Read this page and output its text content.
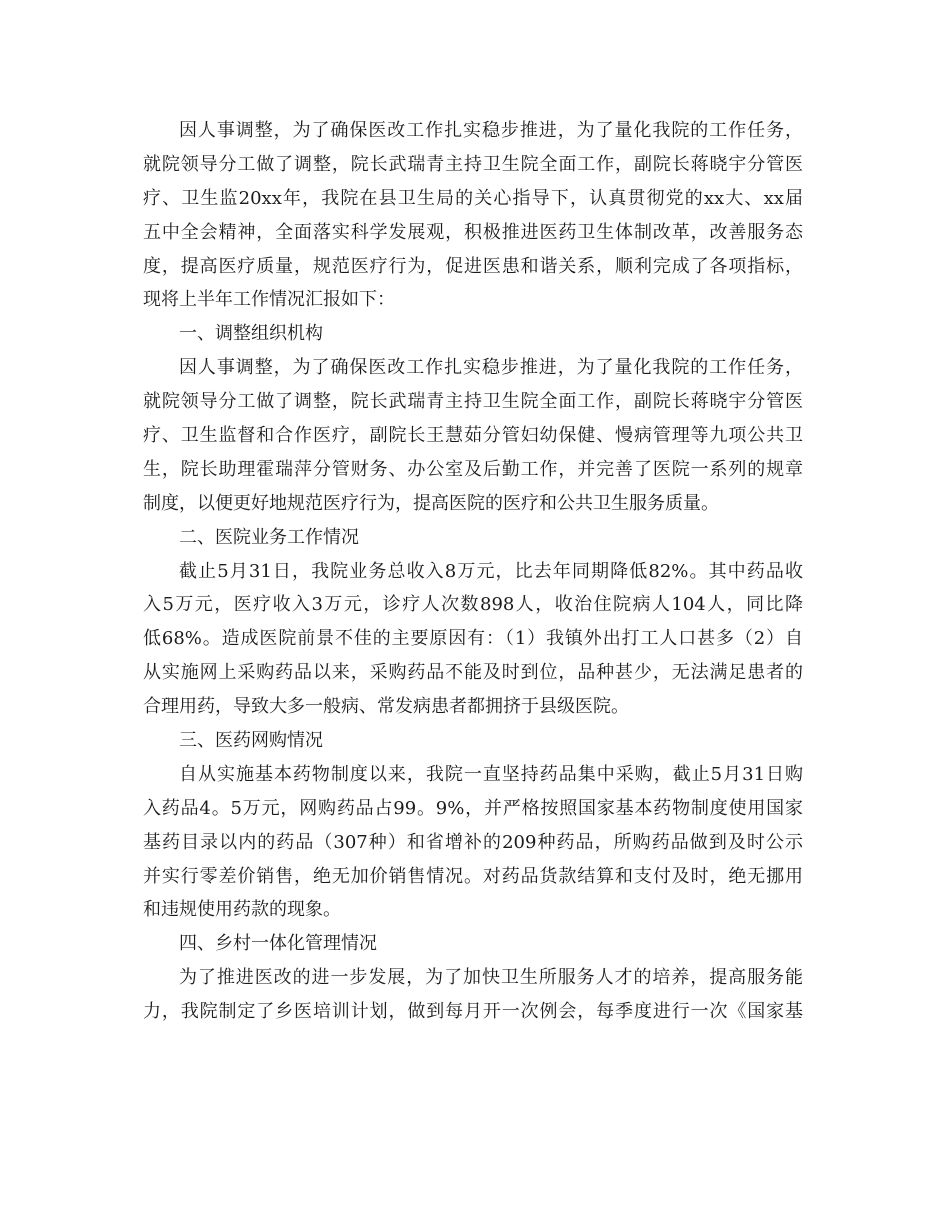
因人事调整，为了确保医改工作扎实稳步推进，为了量化我院的工作任务，
就院领导分工做了调整，院长武瑞青主持卫生院全面工作，副院长蒋晓宇分管医
疗、卫生监20xx年，我院在县卫生局的关心指导下，认真贯彻党的xx大、xx届
五中全会精神，全面落实科学发展观，积极推进医药卫生体制改革，改善服务态
度，提高医疗质量，规范医疗行为，促进医患和谐关系，顺利完成了各项指标，
现将上半年工作情况汇报如下：
一、调整组织机构
因人事调整，为了确保医改工作扎实稳步推进，为了量化我院的工作任务，
就院领导分工做了调整，院长武瑞青主持卫生院全面工作，副院长蒋晓宇分管医
疗、卫生监督和合作医疗，副院长王慧茹分管妇幼保健、慢病管理等九项公共卫
生，院长助理霍瑞萍分管财务、办公室及后勤工作，并完善了医院一系列的规章
制度，以便更好地规范医疗行为，提高医院的医疗和公共卫生服务质量。
二、医院业务工作情况
截止5月31日，我院业务总收入8万元，比去年同期降低82%。其中药品收
入5万元，医疗收入3万元，诊疗人次数898人，收治住院病人104人，同比降
低68%。造成医院前景不佳的主要原因有：（1）我镇外出打工人口甚多（2）自
从实施网上采购药品以来，采购药品不能及时到位，品种甚少，无法满足患者的
合理用药，导致大多一般病、常发病患者都拥挤于县级医院。
三、医药网购情况
自从实施基本药物制度以来，我院一直坚持药品集中采购，截止5月31日购
入药品4。5万元，网购药品占99。9%，并严格按照国家基本药物制度使用国家
基药目录以内的药品（307种）和省增补的209种药品，所购药品做到及时公示
并实行零差价销售，绝无加价销售情况。对药品货款结算和支付及时，绝无挪用
和违规使用药款的现象。
四、乡村一体化管理情况
为了推进医改的进一步发展，为了加快卫生所服务人才的培养，提高服务能
力，我院制定了乡医培训计划，做到每月开一次例会，每季度进行一次《国家基
